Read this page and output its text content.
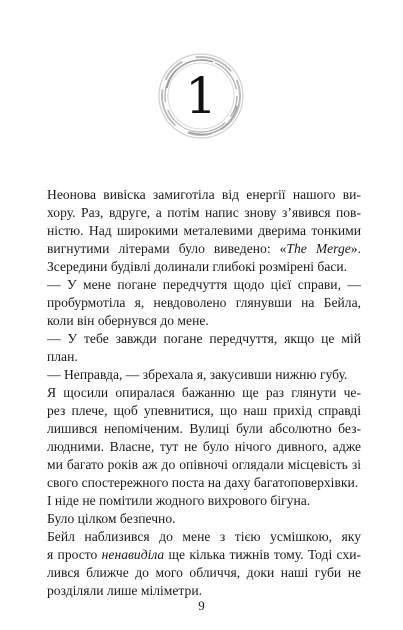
1
Неонова вивіска замиготіла від енергії нашого ви-
хору. Раз, вдруге, а потім напис знову з’явився пов-
ністю. Над широкими металевими дверима тонкими
вигнутими літерами було виведено: «The Merge».
Зсередини будівлі долинали глибокі розмірені баси.
— У мене погане передчуття щодо цієї справи, —
пробурмотіла я, невдоволено глянувши на Бейла,
коли він обернувся до мене.
— У тебе завжди погане передчуття, якщо це мій
план.
— Неправда, — збрехала я, закусивши нижню губу.
Я щосили опиралася бажанню ще раз глянути че-
рез плече, щоб упевнитися, що наш прихід справді
лишився непоміченим. Вулиці були абсолютно без-
людними. Власне, тут не було нічого дивного, адже
ми багато років аж до опівночі оглядали місцевість зі
свого спостережного поста на даху багатоповерхівки.
І ніде не помітили жодного вихрового бігуна.
Було цілком безпечно.
Бейл наблизився до мене з тією усмішкою, яку
я просто ненавиділа ще кілька тижнів тому. Тоді схи-
лився ближче до мого обличчя, доки наші губи не
розділяли лише міліметри.
9
